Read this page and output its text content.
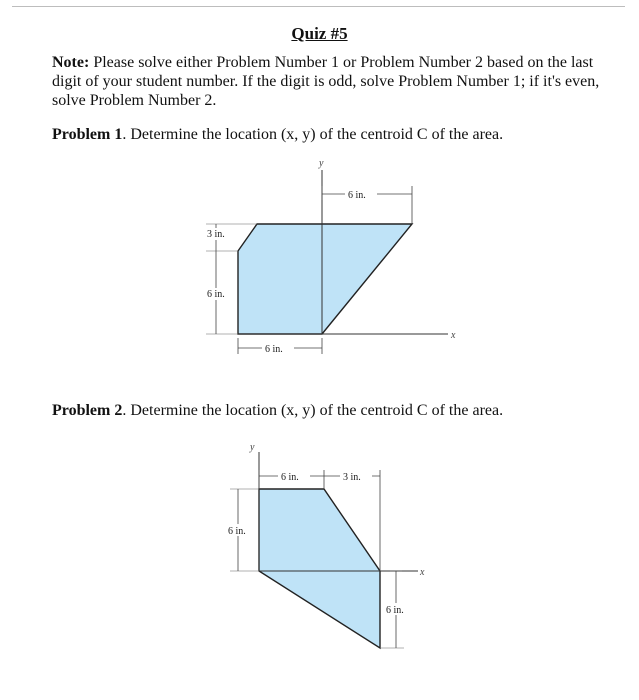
Quiz #5
Note: Please solve either Problem Number 1 or Problem Number 2 based on the last digit of your student number. If the digit is odd, solve Problem Number 1; if it's even, solve Problem Number 2.
Problem 1. Determine the location (x, y) of the centroid C of the area.
Problem 2. Determine the location (x, y) of the centroid C of the area.
y
x
6 in.
3 in.
6 in.
6 in.
y
x
6 in.	3 in.
6 in.
6 in.
